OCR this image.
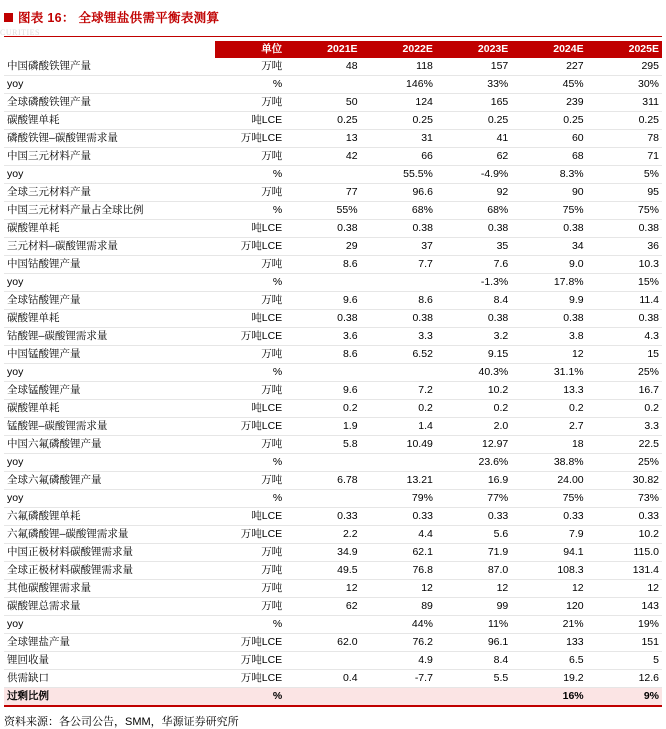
CURITIES
图表 16： 全球锂盐供需平衡表测算
	单位	2021E	2022E	2023E	2024E	2025E
中国磷酸铁锂产量	万吨	48	118	157	227	295
yoy	%		146%	33%	45%	30%
全球磷酸铁锂产量	万吨	50	124	165	239	311
碳酸锂单耗	吨LCE	0.25	0.25	0.25	0.25	0.25
磷酸铁锂–碳酸锂需求量	万吨LCE	13	31	41	60	78
中国三元材料产量	万吨	42	66	62	68	71
yoy	%		55.5%	-4.9%	8.3%	5%
全球三元材料产量	万吨	77	96.6	92	90	95
中国三元材料产量占全球比例	%	55%	68%	68%	75%	75%
碳酸锂单耗	吨LCE	0.38	0.38	0.38	0.38	0.38
三元材料–碳酸锂需求量	万吨LCE	29	37	35	34	36
中国钴酸锂产量	万吨	8.6	7.7	7.6	9.0	10.3
yoy	%			-1.3%	17.8%	15%
全球钴酸锂产量	万吨	9.6	8.6	8.4	9.9	11.4
碳酸锂单耗	吨LCE	0.38	0.38	0.38	0.38	0.38
钴酸锂–碳酸锂需求量	万吨LCE	3.6	3.3	3.2	3.8	4.3
中国锰酸锂产量	万吨	8.6	6.52	9.15	12	15
yoy	%			40.3%	31.1%	25%
全球锰酸锂产量	万吨	9.6	7.2	10.2	13.3	16.7
碳酸锂单耗	吨LCE	0.2	0.2	0.2	0.2	0.2
锰酸锂–碳酸锂需求量	万吨LCE	1.9	1.4	2.0	2.7	3.3
中国六氟磷酸锂产量	万吨	5.8	10.49	12.97	18	22.5
yoy	%			23.6%	38.8%	25%
全球六氟磷酸锂产量	万吨	6.78	13.21	16.9	24.00	30.82
yoy	%		79%	77%	75%	73%
六氟磷酸锂单耗	吨LCE	0.33	0.33	0.33	0.33	0.33
六氟磷酸锂–碳酸锂需求量	万吨LCE	2.2	4.4	5.6	7.9	10.2
中国正极材料碳酸锂需求量	万吨	34.9	62.1	71.9	94.1	115.0
全球正极材料碳酸锂需求量	万吨	49.5	76.8	87.0	108.3	131.4
其他碳酸锂需求量	万吨	12	12	12	12	12
碳酸锂总需求量	万吨	62	89	99	120	143
yoy	%		44%	11%	21%	19%
全球锂盐产量	万吨LCE	62.0	76.2	96.1	133	151
锂回收量	万吨LCE		4.9	8.4	6.5	5
供需缺口	万吨LCE	0.4	-7.7	5.5	19.2	12.6
过剩比例	%				16%	9%
资料来源：各公司公告，SMM，华源证券研究所
